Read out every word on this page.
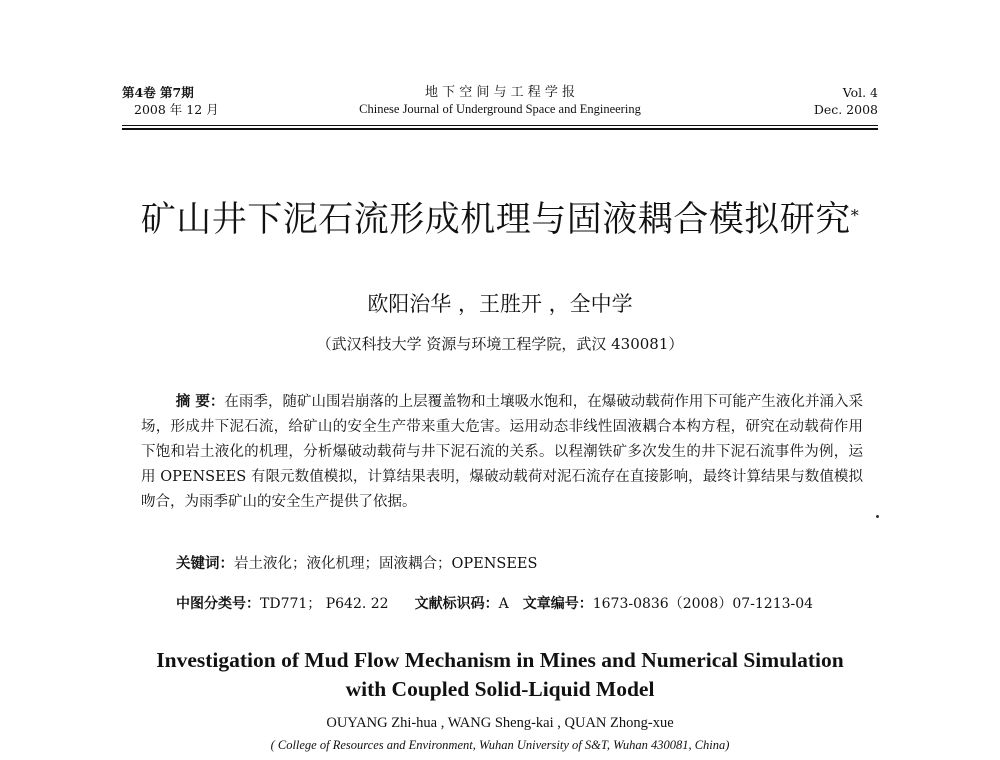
第4卷 第7期
2008 年 12 月
地 下 空 间 与 工 程 学 报
Chinese Journal of Underground Space and Engineering
Vol. 4
Dec. 2008
矿山井下泥石流形成机理与固液耦合模拟研究*
欧阳治华 ，王胜开 ，全中学
（武汉科技大学 资源与环境工程学院，武汉 430081）

摘 要：在雨季，随矿山围岩崩落的上层覆盖物和土壤吸水饱和，在爆破动载荷作用下可能产生液化并涌入采场，形成井下泥石流，给矿山的安全生产带来重大危害。运用动态非线性固液耦合本构方程，研究在动载荷作用下饱和岩土液化的机理，分析爆破动载荷与井下泥石流的关系。以程潮铁矿多次发生的井下泥石流事件为例，运用 OPENSEES 有限元数值模拟，计算结果表明，爆破动载荷对泥石流存在直接影响，最终计算结果与数值模拟吻合，为雨季矿山的安全生产提供了依据。

关键词：岩土液化；液化机理；固液耦合；OPENSEES
中图分类号：TD771； P642. 22 文献标识码：A 文章编号：1673-0836（2008）07-1213-04
Investigation of Mud Flow Mechanism in Mines and Numerical Simulation
with Coupled Solid-Liquid Model
OUYANG Zhi-hua , WANG Sheng-kai , QUAN Zhong-xue
( College of Resources and Environment, Wuhan University of S&T, Wuhan 430081, China)
